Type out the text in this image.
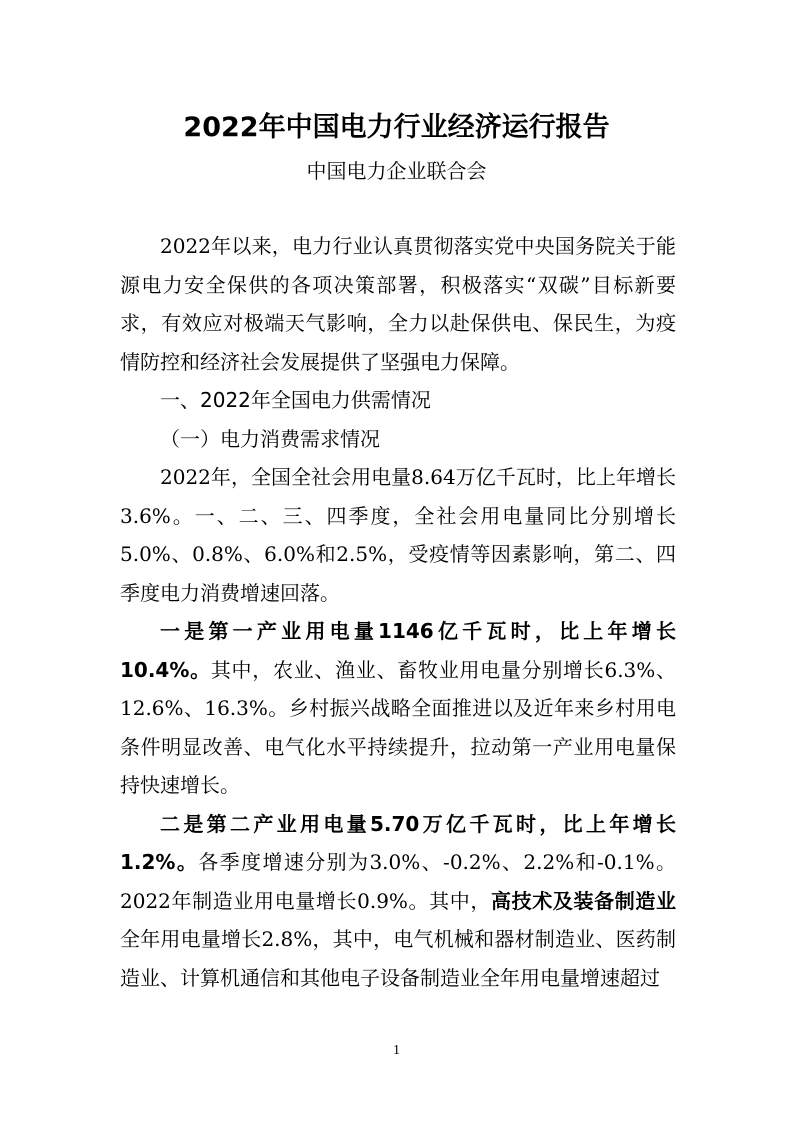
2022年中国电力行业经济运行报告
中国电力企业联合会

2022年以来，电力行业认真贯彻落实党中央国务院关于能源电力安全保供的各项决策部署，积极落实“双碳”目标新要求，有效应对极端天气影响，全力以赴保供电、保民生，为疫情防控和经济社会发展提供了坚强电力保障。

一、2022年全国电力供需情况

（一）电力消费需求情况

2022年，全国全社会用电量8.64万亿千瓦时，比上年增长3.6%。一、二、三、四季度，全社会用电量同比分别增长5.0%、0.8%、6.0%和2.5%，受疫情等因素影响，第二、四季度电力消费增速回落。

一是第一产业用电量1146亿千瓦时，比上年增长10.4%。其中，农业、渔业、畜牧业用电量分别增长6.3%、12.6%、16.3%。乡村振兴战略全面推进以及近年来乡村用电条件明显改善、电气化水平持续提升，拉动第一产业用电量保持快速增长。

二是第二产业用电量5.70万亿千瓦时，比上年增长1.2%。各季度增速分别为3.0%、-0.2%、2.2%和-0.1%。2022年制造业用电量增长0.9%。其中，高技术及装备制造业全年用电量增长2.8%，其中，电气机械和器材制造业、医药制造业、计算机通信和其他电子设备制造业全年用电量增速超过

1
